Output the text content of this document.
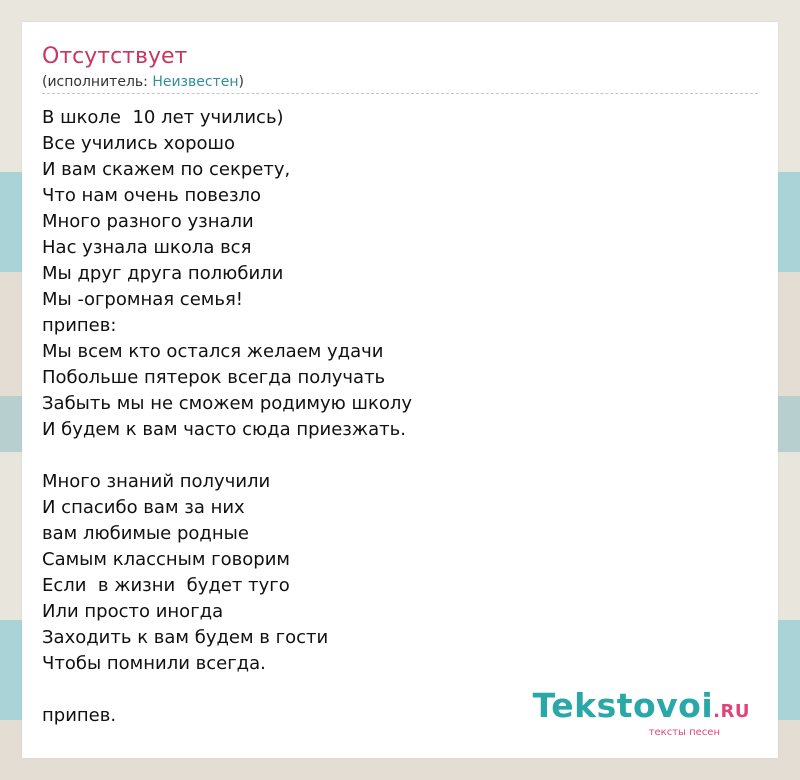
Отсутствует
(исполнитель: Неизвестен)
В школе  10 лет учились)
Все учились хорошо
И вам скажем по секрету,
Что нам очень повезло
Много разного узнали
Нас узнала школа вся
Мы друг друга полюбили
Мы -огромная семья!
припев:
Мы всем кто остался желаем удачи
Побольше пятерок всегда получать
Забыть мы не сможем родимую школу
И будем к вам часто сюда приезжать.
Много знаний получили
И спасибо вам за них
вам любимые родные
Самым классным говорим
Если  в жизни  будет туго
Или просто иногда
Заходить к вам будем в гости
Чтобы помнили всегда.
припев.	Tekstovoi.RU
тексты песен
